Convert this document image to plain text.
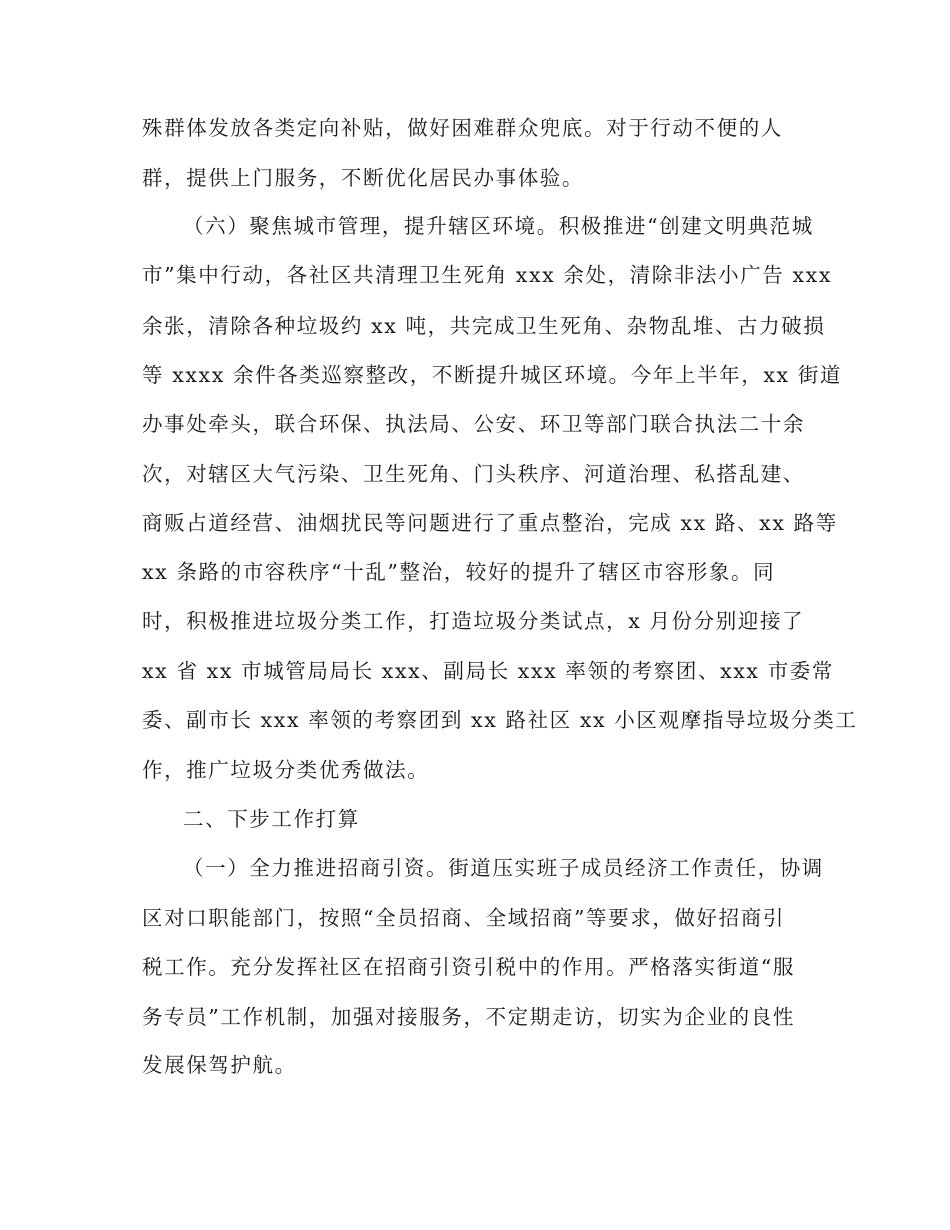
殊群体发放各类定向补贴，做好困难群众兜底。对于行动不便的人
群，提供上门服务，不断优化居民办事体验。
（六）聚焦城市管理，提升辖区环境。积极推进“创建文明典范城
市”集中行动，各社区共清理卫生死角 xxx 余处，清除非法小广告 xxx
余张，清除各种垃圾约 xx 吨，共完成卫生死角、杂物乱堆、古力破损
等 xxxx 余件各类巡察整改，不断提升城区环境。今年上半年，xx 街道
办事处牵头，联合环保、执法局、公安、环卫等部门联合执法二十余
次，对辖区大气污染、卫生死角、门头秩序、河道治理、私搭乱建、
商贩占道经营、油烟扰民等问题进行了重点整治，完成 xx 路、xx 路等
xx 条路的市容秩序“十乱”整治，较好的提升了辖区市容形象。同
时，积极推进垃圾分类工作，打造垃圾分类试点，x 月份分别迎接了
xx 省 xx 市城管局局长 xxx、副局长 xxx 率领的考察团、xxx 市委常
委、副市长 xxx 率领的考察团到 xx 路社区 xx 小区观摩指导垃圾分类工
作，推广垃圾分类优秀做法。
二、下步工作打算
（一）全力推进招商引资。街道压实班子成员经济工作责任，协调
区对口职能部门，按照“全员招商、全域招商”等要求，做好招商引
税工作。充分发挥社区在招商引资引税中的作用。严格落实街道“服
务专员”工作机制，加强对接服务，不定期走访，切实为企业的良性
发展保驾护航。
